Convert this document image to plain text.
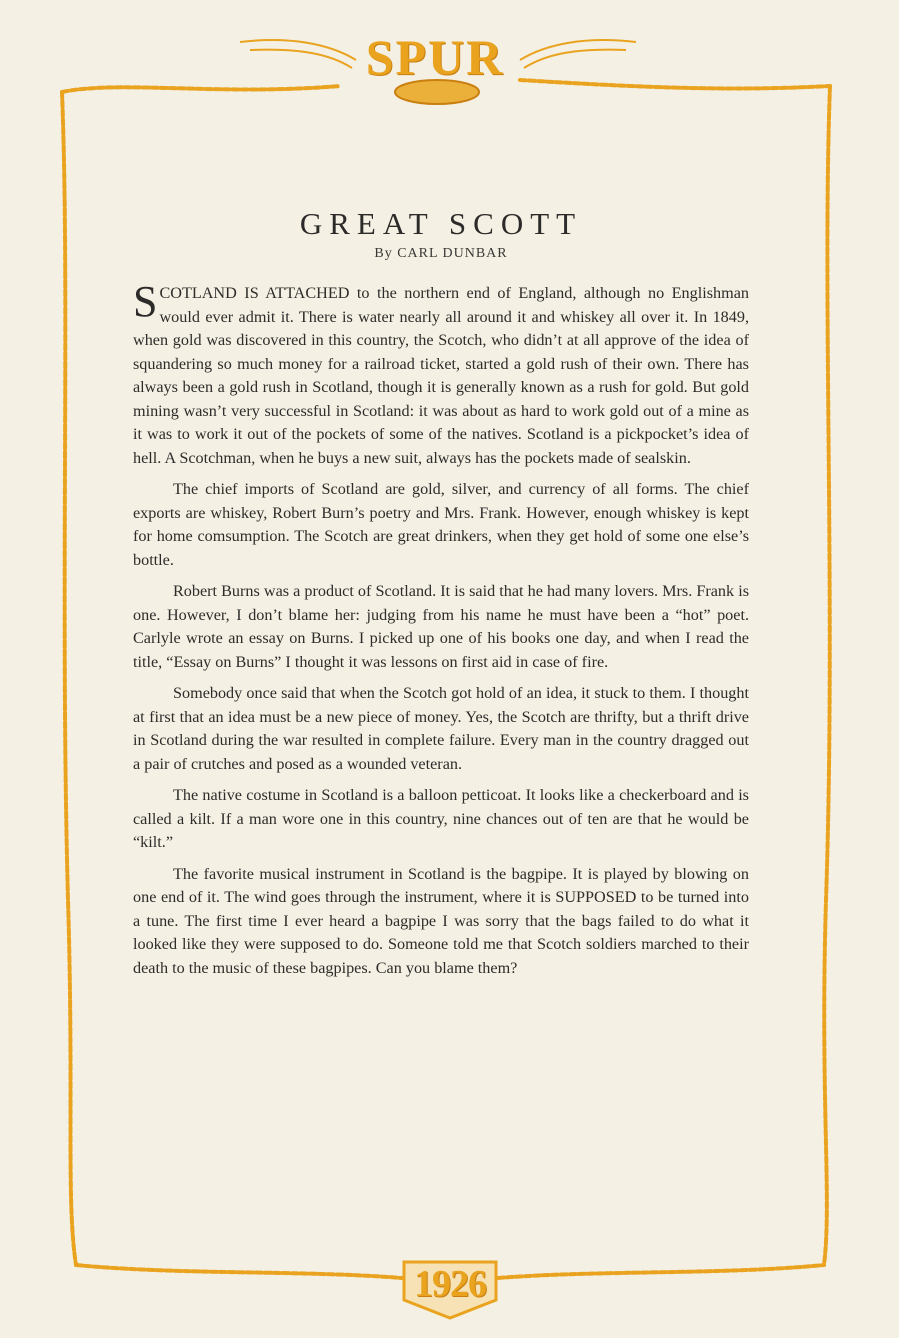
SPUR
1926
GREAT SCOTT
By CARL DUNBAR

SCOTLAND IS ATTACHED to the northern end of England, although no Englishman would ever admit it. There is water nearly all around it and whiskey all over it. In 1849, when gold was discovered in this country, the Scotch, who didn’t at all approve of the idea of squandering so much money for a railroad ticket, started a gold rush of their own. There has always been a gold rush in Scotland, though it is generally known as a rush for gold. But gold mining wasn’t very successful in Scotland: it was about as hard to work gold out of a mine as it was to work it out of the pockets of some of the natives. Scotland is a pickpocket’s idea of hell. A Scotchman, when he buys a new suit, always has the pockets made of sealskin.

The chief imports of Scotland are gold, silver, and currency of all forms. The chief exports are whiskey, Robert Burn’s poetry and Mrs. Frank. However, enough whiskey is kept for home comsumption. The Scotch are great drinkers, when they get hold of some one else’s bottle.

Robert Burns was a product of Scotland. It is said that he had many lovers. Mrs. Frank is one. However, I don’t blame her: judging from his name he must have been a “hot” poet. Carlyle wrote an essay on Burns. I picked up one of his books one day, and when I read the title, “Essay on Burns” I thought it was lessons on first aid in case of fire.

Somebody once said that when the Scotch got hold of an idea, it stuck to them. I thought at first that an idea must be a new piece of money. Yes, the Scotch are thrifty, but a thrift drive in Scotland during the war resulted in complete failure. Every man in the country dragged out a pair of crutches and posed as a wounded veteran.

The native costume in Scotland is a balloon petticoat. It looks like a checkerboard and is called a kilt. If a man wore one in this country, nine chances out of ten are that he would be “kilt.”

The favorite musical instrument in Scotland is the bagpipe. It is played by blowing on one end of it. The wind goes through the instrument, where it is SUPPOSED to be turned into a tune. The first time I ever heard a bagpipe I was sorry that the bags failed to do what it looked like they were supposed to do. Someone told me that Scotch soldiers marched to their death to the music of these bagpipes. Can you blame them?
